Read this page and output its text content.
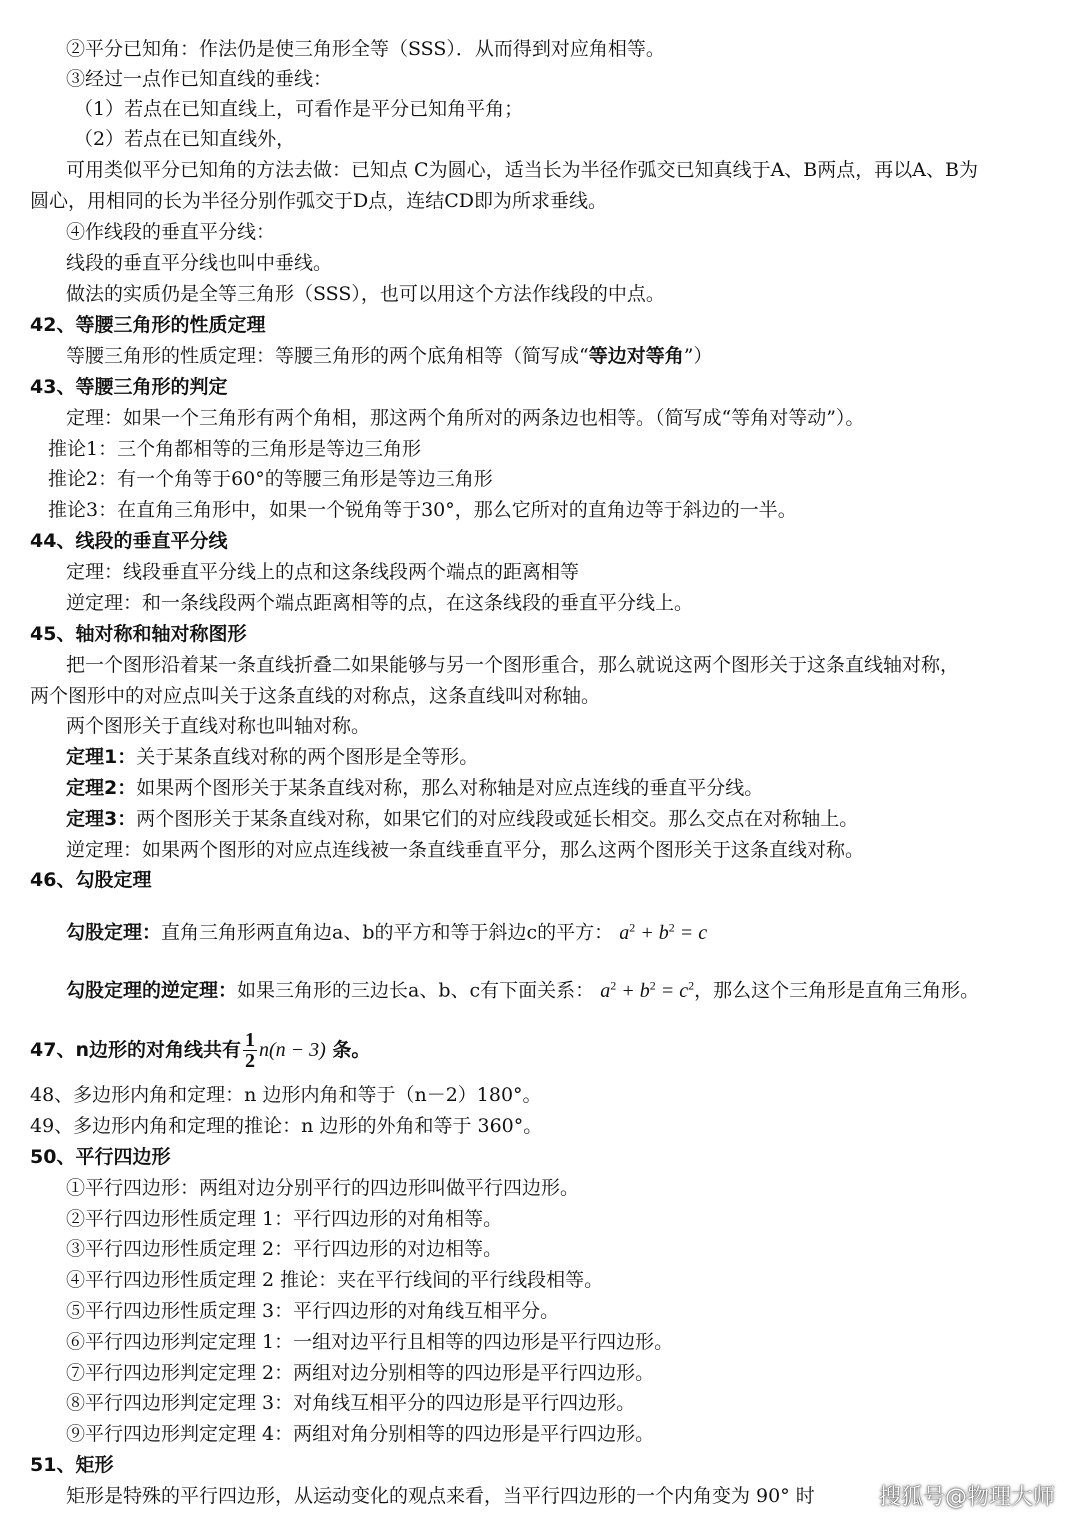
②平分已知角：作法仍是使三角形全等（SSS）．从而得到对应角相等。
③经过一点作已知直线的垂线：
（1）若点在已知直线上，可看作是平分已知角平角；
（2）若点在已知直线外，
可用类似平分已知角的方法去做：已知点 C为圆心，适当长为半径作弧交已知真线于A、B两点，再以A、B为
圆心，用相同的长为半径分别作弧交于D点，连结CD即为所求垂线。
④作线段的垂直平分线：
线段的垂直平分线也叫中垂线。
做法的实质仍是全等三角形（SSS），也可以用这个方法作线段的中点。
42、等腰三角形的性质定理
等腰三角形的性质定理：等腰三角形的两个底角相等（简写成“等边对等角”）
43、等腰三角形的判定
定理：如果一个三角形有两个角相，那这两个角所对的两条边也相等。（简写成“等角对等动”）。
推论1：三个角都相等的三角形是等边三角形
推论2：有一个角等于60°的等腰三角形是等边三角形
推论3：在直角三角形中，如果一个锐角等于30°，那么它所对的直角边等于斜边的一半。
44、线段的垂直平分线
定理：线段垂直平分线上的点和这条线段两个端点的距离相等
逆定理：和一条线段两个端点距离相等的点，在这条线段的垂直平分线上。
45、轴对称和轴对称图形
把一个图形沿着某一条直线折叠二如果能够与另一个图形重合，那么就说这两个图形关于这条直线轴对称，
两个图形中的对应点叫关于这条直线的对称点，这条直线叫对称轴。
两个图形关于直线对称也叫轴对称。
定理1：关于某条直线对称的两个图形是全等形。
定理2：如果两个图形关于某条直线对称，那么对称轴是对应点连线的垂直平分线。
定理3：两个图形关于某条直线对称，如果它们的对应线段或延长相交。那么交点在对称轴上。
逆定理：如果两个图形的对应点连线被一条直线垂直平分，那么这两个图形关于这条直线对称。
46、勾股定理
勾股定理：直角三角形两直角边a、b的平方和等于斜边c的平方： $a^2 + b^2 = c$
勾股定理的逆定理：如果三角形的三边长a、b、c有下面关系： $a^2 + b^2 = c^2$，那么这个三角形是直角三角形。
47、n边形的对角线共有 $\frac{1}{2} n(n - 3)$ 条。
48、多边形内角和定理：n 边形内角和等于（n－2）180°。
49、多边形内角和定理的推论：n 边形的外角和等于 360°。
50、平行四边形
①平行四边形：两组对边分别平行的四边形叫做平行四边形。
②平行四边形性质定理 1：平行四边形的对角相等。
③平行四边形性质定理 2：平行四边形的对边相等。
④平行四边形性质定理 2 推论：夹在平行线间的平行线段相等。
⑤平行四边形性质定理 3：平行四边形的对角线互相平分。
⑥平行四边形判定定理 1：一组对边平行且相等的四边形是平行四边形。
⑦平行四边形判定定理 2：两组对边分别相等的四边形是平行四边形。
⑧平行四边形判定定理 3：对角线互相平分的四边形是平行四边形。
⑨平行四边形判定定理 4：两组对角分别相等的四边形是平行四边形。
51、矩形
矩形是特殊的平行四边形，从运动变化的观点来看，当平行四边形的一个内角变为 90° 时	搜狐号@物理大师
